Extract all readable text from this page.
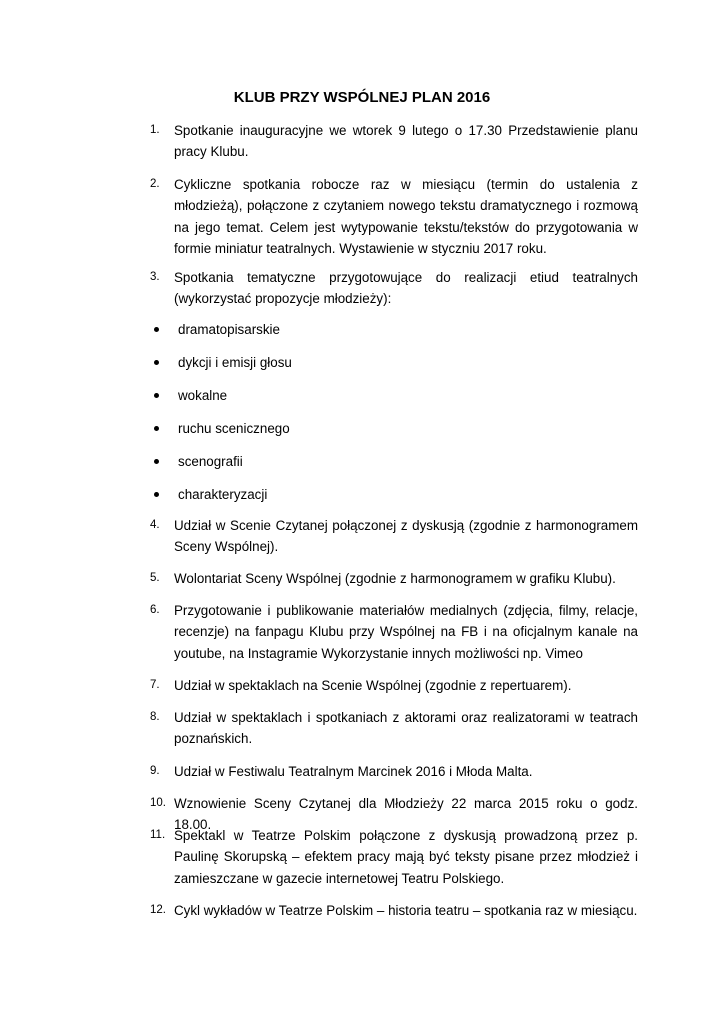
KLUB PRZY WSPÓLNEJ PLAN 2016
1.	Spotkanie inauguracyjne we wtorek 9 lutego o 17.30 Przedstawienie planu pracy Klubu.
2.	Cykliczne spotkania robocze raz w miesiącu (termin do ustalenia z młodzieżą), połączone z czytaniem nowego tekstu dramatycznego i rozmową na jego temat. Celem jest wytypowanie tekstu/tekstów do przygotowania w formie miniatur teatralnych. Wystawienie w styczniu 2017 roku.
3.	Spotkania tematyczne przygotowujące do realizacji etiud teatralnych (wykorzystać propozycje młodzieży):
dramatopisarskie
dykcji i emisji głosu
wokalne
ruchu scenicznego
scenografii
charakteryzacji
4.	Udział w Scenie Czytanej połączonej z dyskusją (zgodnie z harmonogramem Sceny Wspólnej).
5.	Wolontariat Sceny Wspólnej (zgodnie z harmonogramem w grafiku Klubu).
6.	Przygotowanie i publikowanie materiałów medialnych (zdjęcia, filmy, relacje, recenzje) na fanpagu Klubu przy Wspólnej na FB i na oficjalnym kanale na youtube, na Instagramie Wykorzystanie innych możliwości np. Vimeo
7.	Udział w spektaklach na Scenie Wspólnej (zgodnie z repertuarem).
8.	Udział w spektaklach i spotkaniach z aktorami oraz realizatorami w teatrach poznańskich.
9.	Udział w Festiwalu Teatralnym Marcinek 2016 i Młoda Malta.
10. Wznowienie Sceny Czytanej dla Młodzieży 22 marca 2015 roku o godz. 18.00.
11. Spektakl w Teatrze Polskim połączone z dyskusją prowadzoną przez p. Paulinę Skorupską – efektem pracy mają być teksty pisane przez młodzież i zamieszczane w gazecie internetowej Teatru Polskiego.
12. Cykl wykładów w Teatrze Polskim – historia teatru – spotkania raz w miesiącu.
